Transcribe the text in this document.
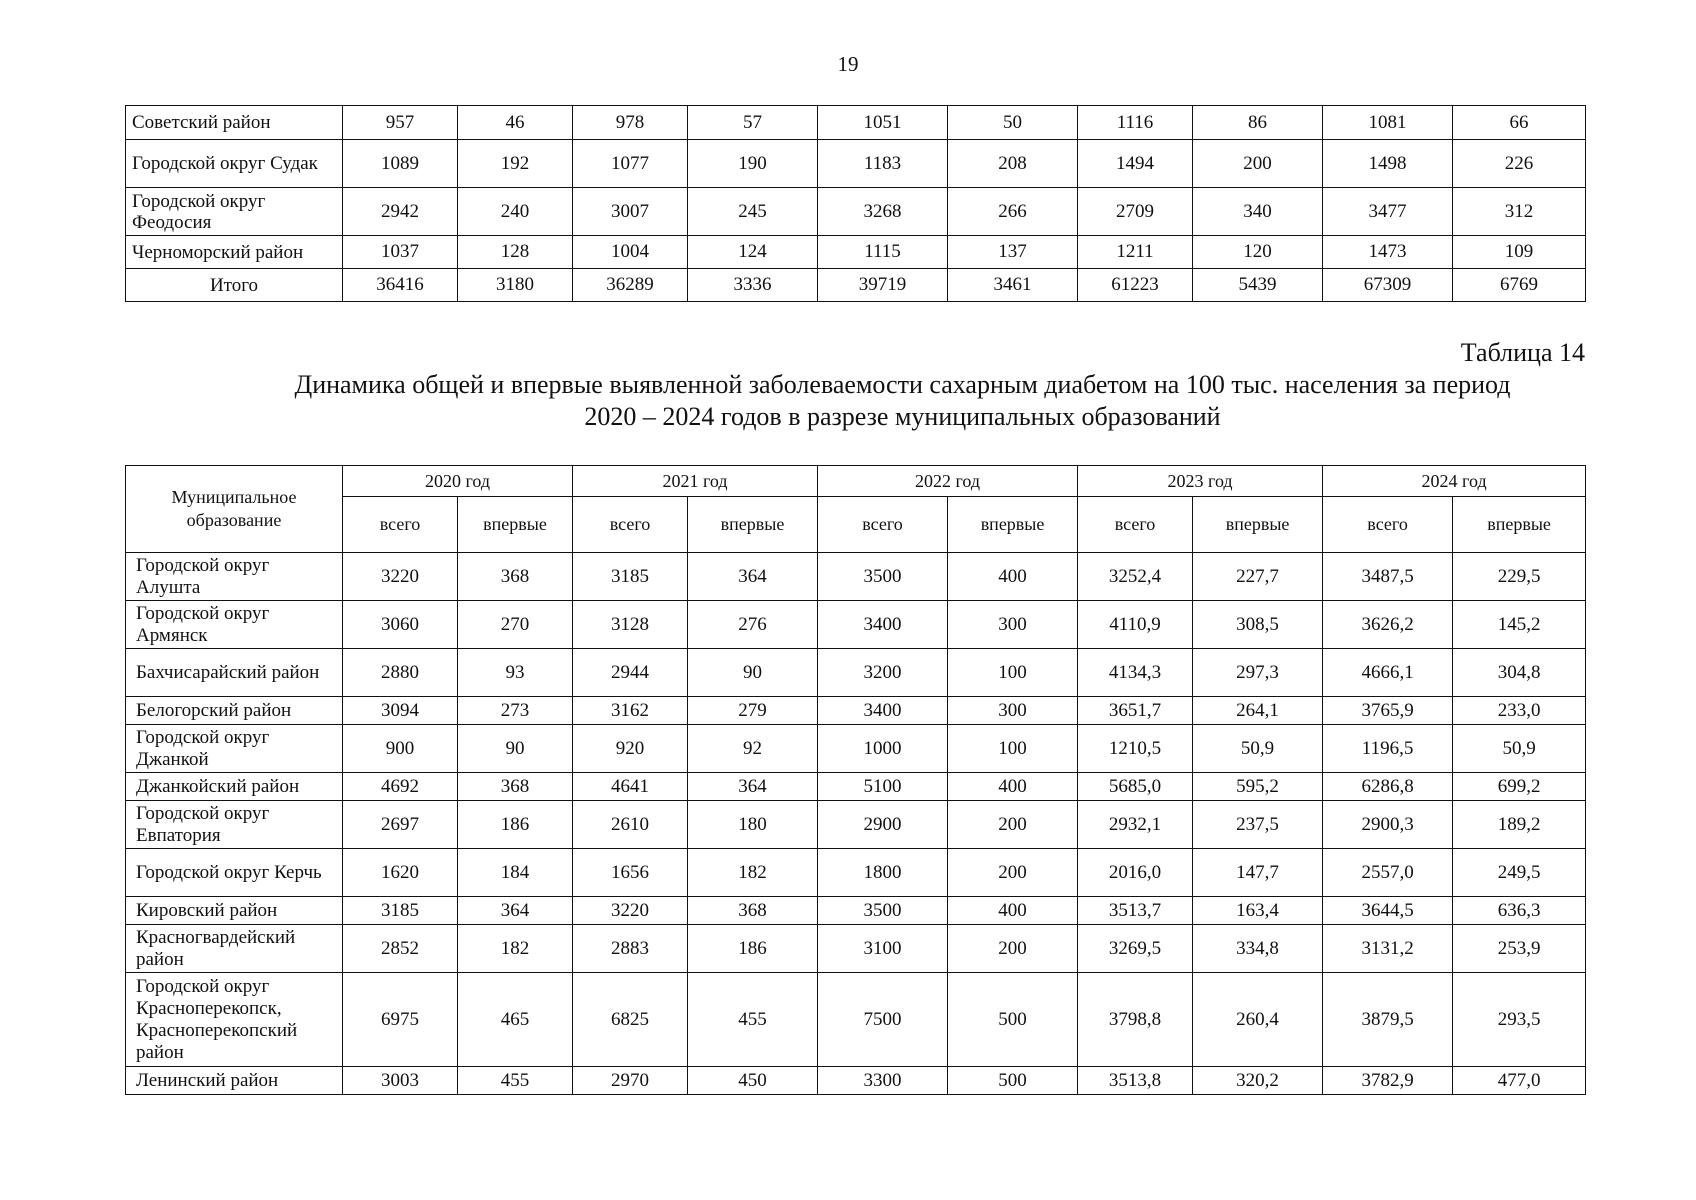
19
Советский район	957	46	978	57	1051	50	1116	86	1081	66
Городской округ Судак	1089	192	1077	190	1183	208	1494	200	1498	226
Городской округ Феодосия	2942	240	3007	245	3268	266	2709	340	3477	312
Черноморский район	1037	128	1004	124	1115	137	1211	120	1473	109
Итого	36416	3180	36289	3336	39719	3461	61223	5439	67309	6769
Таблица 14
Динамика общей и впервые выявленной заболеваемости сахарным диабетом на 100 тыс. населения за период
2020 – 2024 годов в разрезе муниципальных образований
Муниципальное образование	2020 год		2021 год		2022 год		2023 год		2024 год	
	всего	впервые	всего	впервые	всего	впервые	всего	впервые	всего	впервые
Городской округ Алушта	3220	368	3185	364	3500	400	3252,4	227,7	3487,5	229,5
Городской округ Армянск	3060	270	3128	276	3400	300	4110,9	308,5	3626,2	145,2
Бахчисарайский район	2880	93	2944	90	3200	100	4134,3	297,3	4666,1	304,8
Белогорский район	3094	273	3162	279	3400	300	3651,7	264,1	3765,9	233,0
Городской округ Джанкой	900	90	920	92	1000	100	1210,5	50,9	1196,5	50,9
Джанкойский район	4692	368	4641	364	5100	400	5685,0	595,2	6286,8	699,2
Городской округ Евпатория	2697	186	2610	180	2900	200	2932,1	237,5	2900,3	189,2
Городской округ Керчь	1620	184	1656	182	1800	200	2016,0	147,7	2557,0	249,5
Кировский район	3185	364	3220	368	3500	400	3513,7	163,4	3644,5	636,3
Красногвардейский район	2852	182	2883	186	3100	200	3269,5	334,8	3131,2	253,9
Городской округ Красноперекопск, Красноперекопский район	6975	465	6825	455	7500	500	3798,8	260,4	3879,5	293,5
Ленинский район	3003	455	2970	450	3300	500	3513,8	320,2	3782,9	477,0
